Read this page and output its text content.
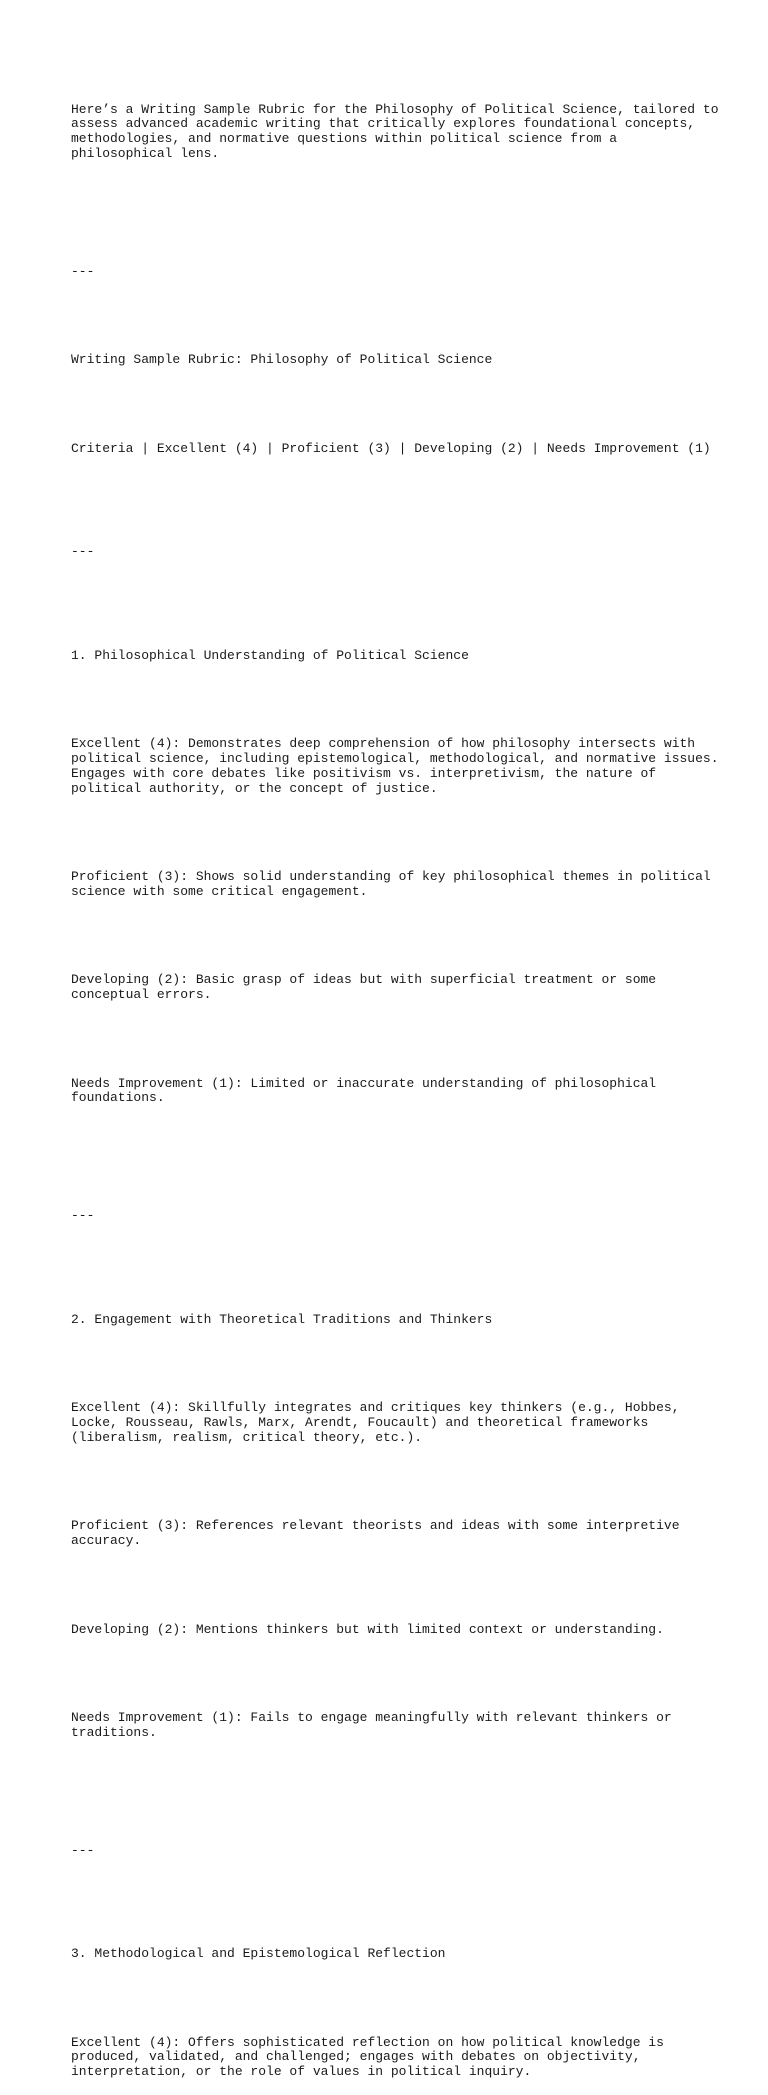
Here’s a Writing Sample Rubric for the Philosophy of Political Science, tailored to
assess advanced academic writing that critically explores foundational concepts,
methodologies, and normative questions within political science from a
philosophical lens.

---

Writing Sample Rubric: Philosophy of Political Science

Criteria | Excellent (4) | Proficient (3) | Developing (2) | Needs Improvement (1)

---

1. Philosophical Understanding of Political Science

Excellent (4): Demonstrates deep comprehension of how philosophy intersects with
political science, including epistemological, methodological, and normative issues.
Engages with core debates like positivism vs. interpretivism, the nature of
political authority, or the concept of justice.

Proficient (3): Shows solid understanding of key philosophical themes in political
science with some critical engagement.

Developing (2): Basic grasp of ideas but with superficial treatment or some
conceptual errors.

Needs Improvement (1): Limited or inaccurate understanding of philosophical
foundations.

---

2. Engagement with Theoretical Traditions and Thinkers

Excellent (4): Skillfully integrates and critiques key thinkers (e.g., Hobbes,
Locke, Rousseau, Rawls, Marx, Arendt, Foucault) and theoretical frameworks
(liberalism, realism, critical theory, etc.).

Proficient (3): References relevant theorists and ideas with some interpretive
accuracy.

Developing (2): Mentions thinkers but with limited context or understanding.

Needs Improvement (1): Fails to engage meaningfully with relevant thinkers or
traditions.

---

3. Methodological and Epistemological Reflection

Excellent (4): Offers sophisticated reflection on how political knowledge is
produced, validated, and challenged; engages with debates on objectivity,
interpretation, or the role of values in political inquiry.
